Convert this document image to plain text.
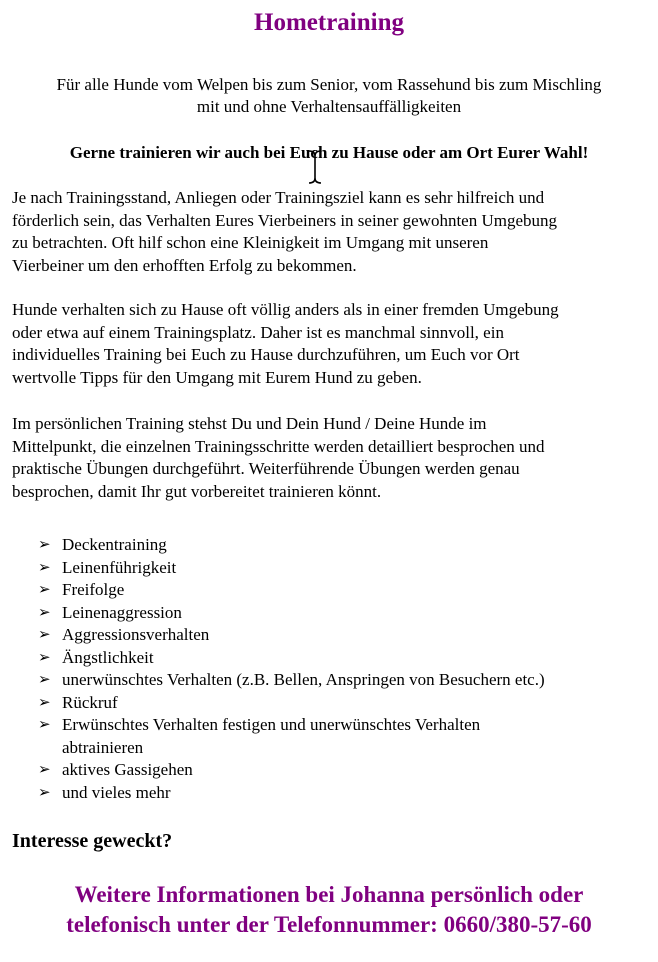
Hometraining
Für alle Hunde vom Welpen bis zum Senior, vom Rassehund bis zum Mischling
mit und ohne Verhaltensauffälligkeiten
Gerne trainieren wir auch bei Euch zu Hause oder am Ort Eurer Wahl!
Je nach Trainingsstand, Anliegen oder Trainingsziel kann es sehr hilfreich und
förderlich sein, das Verhalten Eures Vierbeiners in seiner gewohnten Umgebung
zu betrachten. Oft hilf schon eine Kleinigkeit im Umgang mit unseren
Vierbeiner um den erhofften Erfolg zu bekommen.
Hunde verhalten sich zu Hause oft völlig anders als in einer fremden Umgebung
oder etwa auf einem Trainingsplatz. Daher ist es manchmal sinnvoll, ein
individuelles Training bei Euch zu Hause durchzuführen, um Euch vor Ort
wertvolle Tipps für den Umgang mit Eurem Hund zu geben.
Im persönlichen Training stehst Du und Dein Hund / Deine Hunde im
Mittelpunkt, die einzelnen Trainingsschritte werden detailliert besprochen und
praktische Übungen durchgeführt. Weiterführende Übungen werden genau
besprochen, damit Ihr gut vorbereitet trainieren könnt.
➢ Deckentraining
➢ Leinenführigkeit
➢ Freifolge
➢ Leinenaggression
➢ Aggressionsverhalten
➢ Ängstlichkeit
➢ unerwünschtes Verhalten (z.B. Bellen, Anspringen von Besuchern etc.)
➢ Rückruf
➢ Erwünschtes Verhalten festigen und unerwünschtes Verhalten
abtrainieren
➢ aktives Gassigehen
➢ und vieles mehr
Interesse geweckt?
Weitere Informationen bei Johanna persönlich oder
telefonisch unter der Telefonnummer: 0660/380-57-60
